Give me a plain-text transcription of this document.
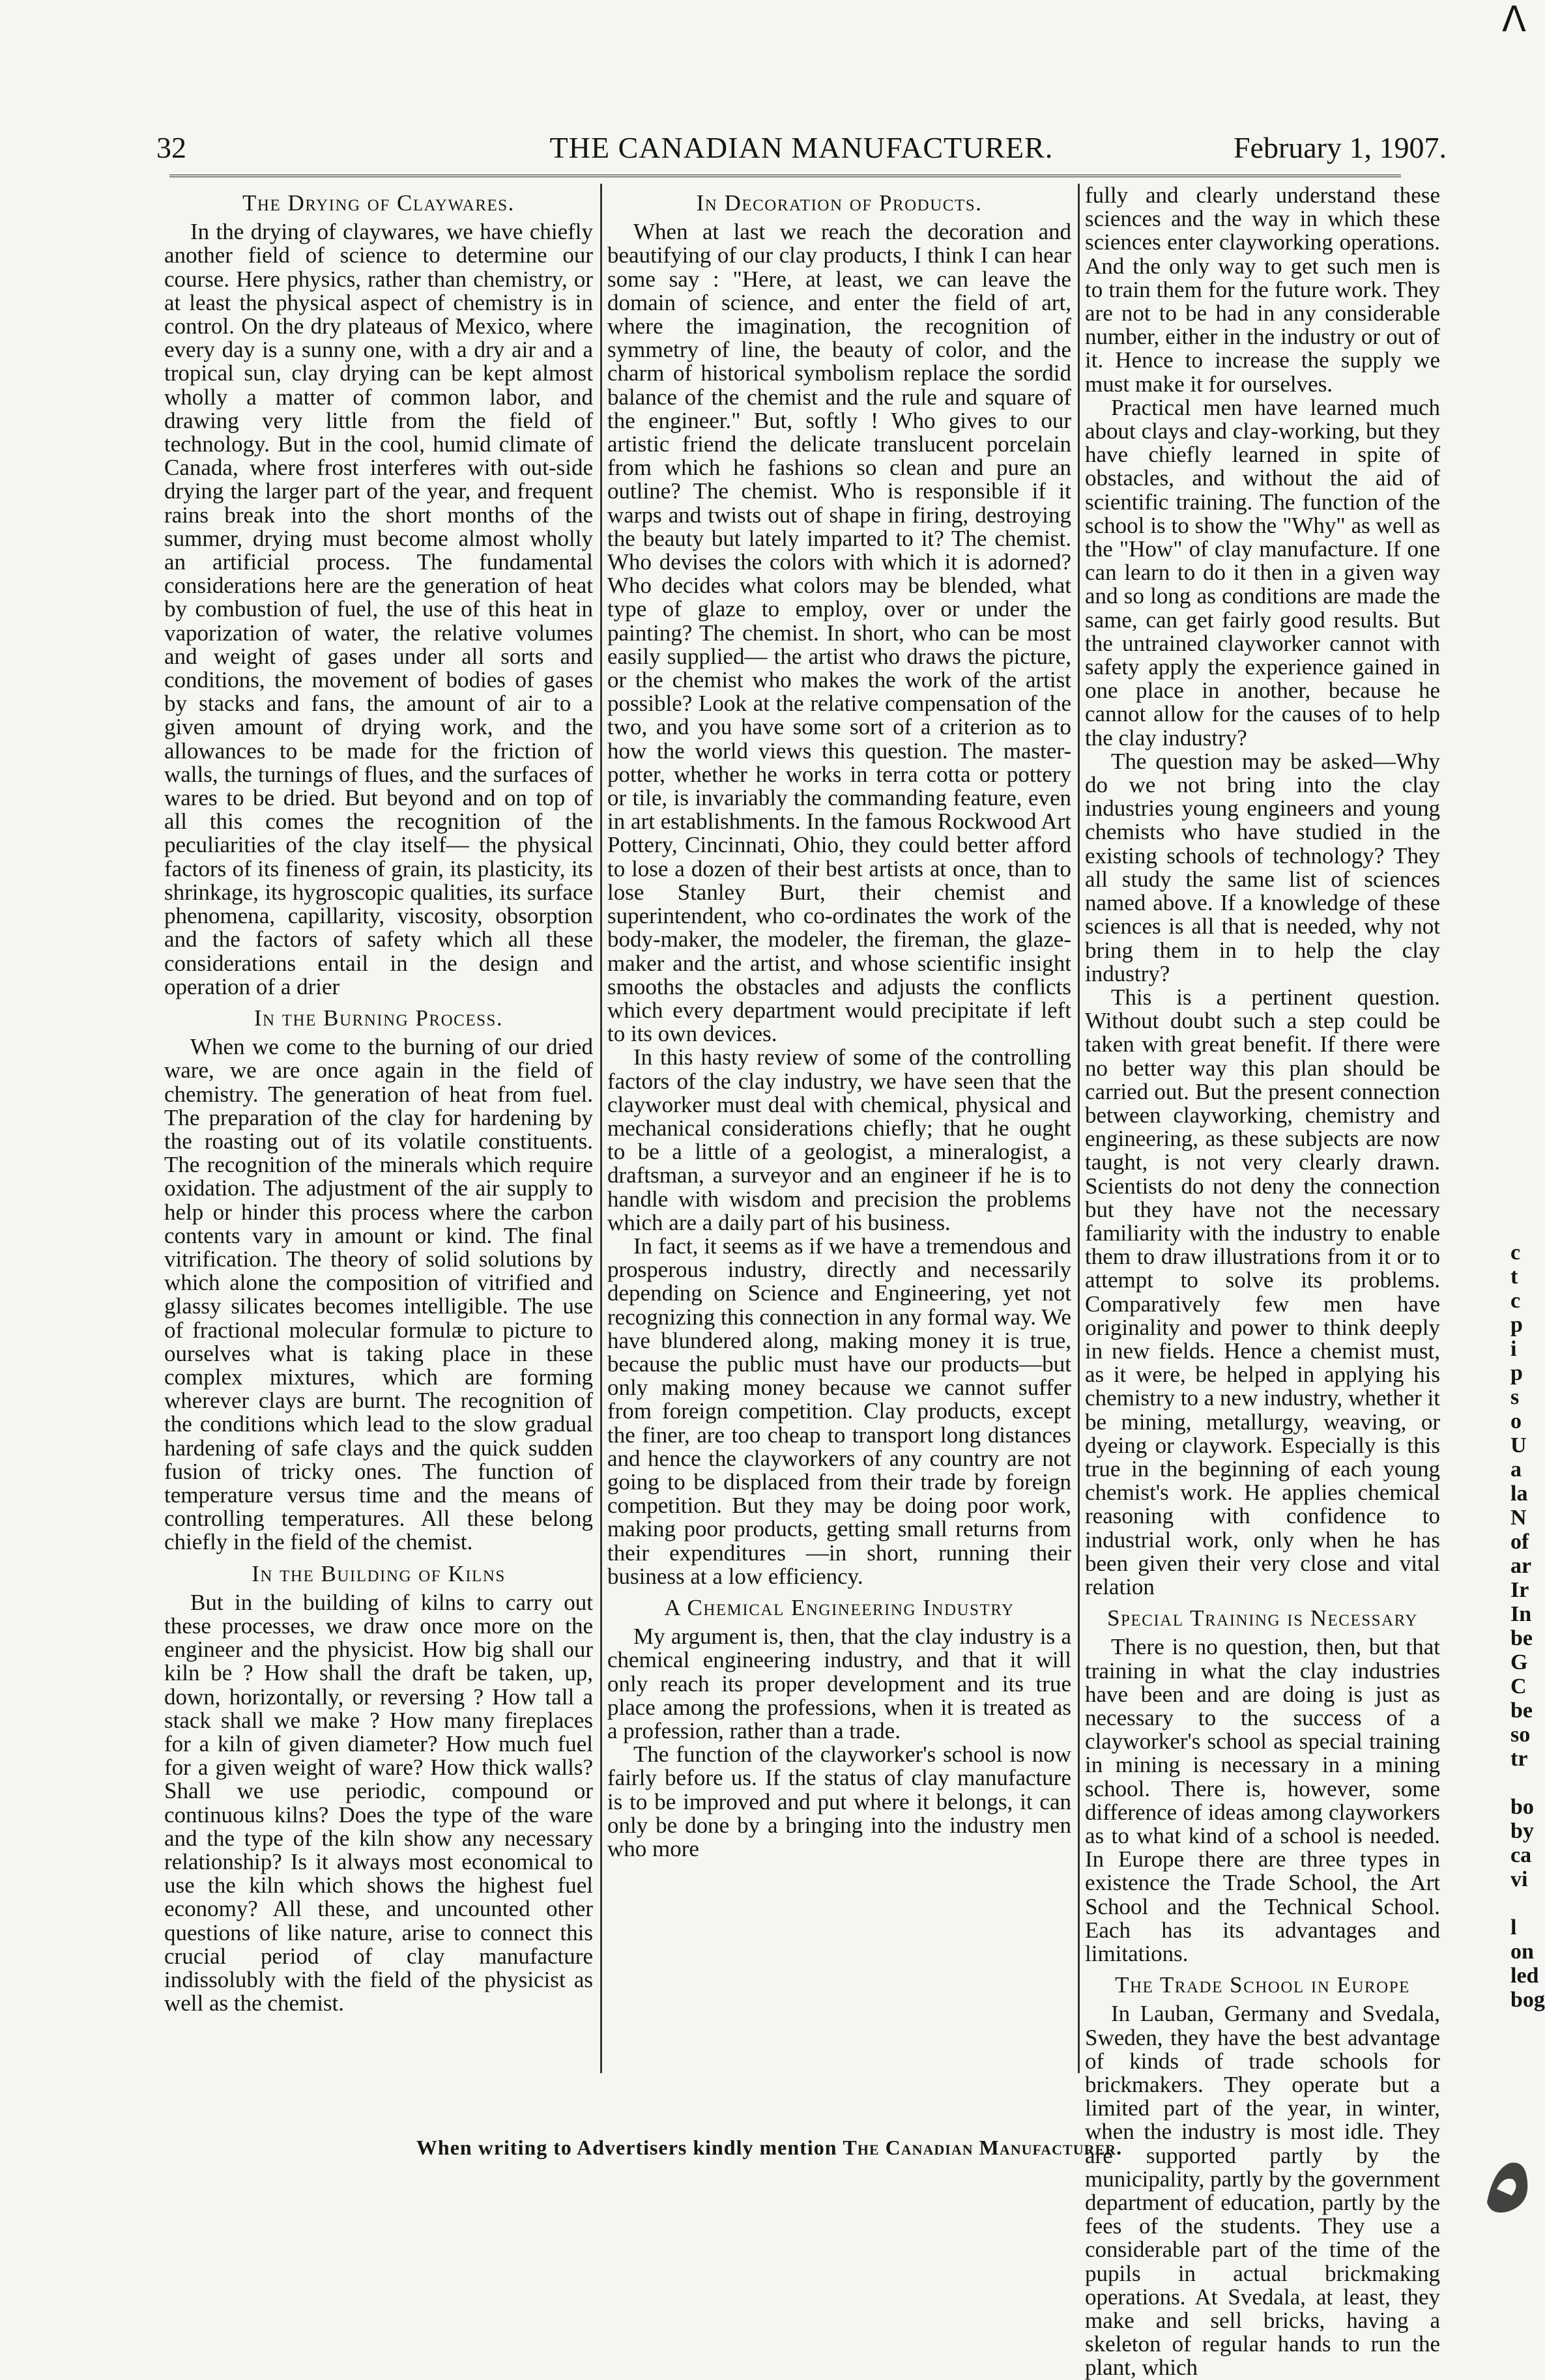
32	THE CANADIAN MANUFACTURER.	February 1, 1907.
The Drying of Claywares.
In the drying of claywares, we have chiefly another field of science to determine our course. Here physics, rather than chemistry, or at least the physical aspect of chemistry is in control. On the dry plateaus of Mexico, where every day is a sunny one, with a dry air and a tropical sun, clay drying can be kept almost wholly a matter of common labor, and drawing very little from the field of technology. But in the cool, humid climate of Canada, where frost interferes with out-side drying the larger part of the year, and frequent rains break into the short months of the summer, drying must become almost wholly an artificial process. The fundamental considerations here are the generation of heat by combustion of fuel, the use of this heat in vaporization of water, the relative volumes and weight of gases under all sorts and conditions, the movement of bodies of gases by stacks and fans, the amount of air to a given amount of drying work, and the allowances to be made for the friction of walls, the turnings of flues, and the surfaces of wares to be dried. But beyond and on top of all this comes the recognition of the peculiarities of the clay itself— the physical factors of its fineness of grain, its plasticity, its shrinkage, its hygroscopic qualities, its surface phenomena, capillarity, viscosity, obsorption and the factors of safety which all these considerations entail in the design and operation of a drier
In the Burning Process.
When we come to the burning of our dried ware, we are once again in the field of chemistry. The generation of heat from fuel. The preparation of the clay for hardening by the roasting out of its volatile constituents. The recognition of the minerals which require oxidation. The adjustment of the air supply to help or hinder this process where the carbon contents vary in amount or kind. The final vitrification. The theory of solid solutions by which alone the composition of vitrified and glassy silicates becomes intelligible. The use of fractional molecular formulæ to picture to ourselves what is taking place in these complex mixtures, which are forming wherever clays are burnt. The recognition of the conditions which lead to the slow gradual hardening of safe clays and the quick sudden fusion of tricky ones. The function of temperature versus time and the means of controlling temperatures. All these belong chiefly in the field of the chemist.
In the Building of Kilns
But in the building of kilns to carry out these processes, we draw once more on the engineer and the physicist. How big shall our kiln be ? How shall the draft be taken, up, down, horizontally, or reversing ? How tall a stack shall we make ? How many fireplaces for a kiln of given diameter? How much fuel for a given weight of ware? How thick walls? Shall we use periodic, compound or continuous kilns? Does the type of the ware and the type of the kiln show any necessary relationship? Is it always most economical to use the kiln which shows the highest fuel economy? All these, and uncounted other questions of like nature, arise to connect this crucial period of clay manufacture indissolubly with the field of the physicist as well as the chemist.
In Decoration of Products.
When at last we reach the decoration and beautifying of our clay products, I think I can hear some say : "Here, at least, we can leave the domain of science, and enter the field of art, where the imagination, the recognition of symmetry of line, the beauty of color, and the charm of historical symbolism replace the sordid balance of the chemist and the rule and square of the engineer." But, softly ! Who gives to our artistic friend the delicate translucent porcelain from which he fashions so clean and pure an outline? The chemist. Who is responsible if it warps and twists out of shape in firing, destroying the beauty but lately imparted to it? The chemist. Who devises the colors with which it is adorned? Who decides what colors may be blended, what type of glaze to employ, over or under the painting? The chemist. In short, who can be most easily supplied— the artist who draws the picture, or the chemist who makes the work of the artist possible? Look at the relative compensation of the two, and you have some sort of a criterion as to how the world views this question. The master-potter, whether he works in terra cotta or pottery or tile, is invariably the commanding feature, even in art establishments. In the famous Rockwood Art Pottery, Cincinnati, Ohio, they could better afford to lose a dozen of their best artists at once, than to lose Stanley Burt, their chemist and superintendent, who co-ordinates the work of the body-maker, the modeler, the fireman, the glaze-maker and the artist, and whose scientific insight smooths the obstacles and adjusts the conflicts which every department would precipitate if left to its own devices.
In this hasty review of some of the controlling factors of the clay industry, we have seen that the clayworker must deal with chemical, physical and mechanical considerations chiefly; that he ought to be a little of a geologist, a mineralogist, a draftsman, a surveyor and an engineer if he is to handle with wisdom and precision the problems which are a daily part of his business.
In fact, it seems as if we have a tremendous and prosperous industry, directly and necessarily depending on Science and Engineering, yet not recognizing this connection in any formal way. We have blundered along, making money it is true, because the public must have our products—but only making money because we cannot suffer from foreign competition. Clay products, except the finer, are too cheap to transport long distances and hence the clayworkers of any country are not going to be displaced from their trade by foreign competition. But they may be doing poor work, making poor products, getting small returns from their expenditures —in short, running their business at a low efficiency.
A Chemical Engineering Industry
My argument is, then, that the clay industry is a chemical engineering industry, and that it will only reach its proper development and its true place among the professions, when it is treated as a profession, rather than a trade.
The function of the clayworker's school is now fairly before us. If the status of clay manufacture is to be improved and put where it belongs, it can only be done by a bringing into the industry men who more
fully and clearly understand these sciences and the way in which these sciences enter clayworking operations. And the only way to get such men is to train them for the future work. They are not to be had in any considerable number, either in the industry or out of it. Hence to increase the supply we must make it for ourselves.
Practical men have learned much about clays and clay-working, but they have chiefly learned in spite of obstacles, and without the aid of scientific training. The function of the school is to show the "Why" as well as the "How" of clay manufacture. If one can learn to do it then in a given way and so long as conditions are made the same, can get fairly good results. But the untrained clayworker cannot with safety apply the experience gained in one place in another, because he cannot allow for the causes of to help the clay industry?
The question may be asked—Why do we not bring into the clay industries young engineers and young chemists who have studied in the existing schools of technology? They all study the same list of sciences named above. If a knowledge of these sciences is all that is needed, why not bring them in to help the clay industry?
This is a pertinent question. Without doubt such a step could be taken with great benefit. If there were no better way this plan should be carried out. But the present connection between clayworking, chemistry and engineering, as these subjects are now taught, is not very clearly drawn. Scientists do not deny the connection but they have not the necessary familiarity with the industry to enable them to draw illustrations from it or to attempt to solve its problems. Comparatively few men have originality and power to think deeply in new fields. Hence a chemist must, as it were, be helped in applying his chemistry to a new industry, whether it be mining, metallurgy, weaving, or dyeing or claywork. Especially is this true in the beginning of each young chemist's work. He applies chemical reasoning with confidence to industrial work, only when he has been given their very close and vital relation
Special Training is Necessary
There is no question, then, but that training in what the clay industries have been and are doing is just as necessary to the success of a clayworker's school as special training in mining is necessary in a mining school. There is, however, some difference of ideas among clayworkers as to what kind of a school is needed. In Europe there are three types in existence the Trade School, the Art School and the Technical School. Each has its advantages and limitations.
The Trade School in Europe
In Lauban, Germany and Svedala, Sweden, they have the best advantage of kinds of trade schools for brickmakers. They operate but a limited part of the year, in winter, when the industry is most idle. They are supported partly by the municipality, partly by the government department of education, partly by the fees of the students. They use a considerable part of the time of the pupils in actual brickmaking operations. At Svedala, at least, they make and sell bricks, having a skeleton of regular hands to run the plant, which
When writing to Advertisers kindly mention The Canadian Manufacturer.
ᐱ
c
t
c
p
i
p
s
o
U
a
la
N
of
ar
Ir
In
be
G
C
be
so
tr
bo
by
ca
vi
l
on
led
bog
